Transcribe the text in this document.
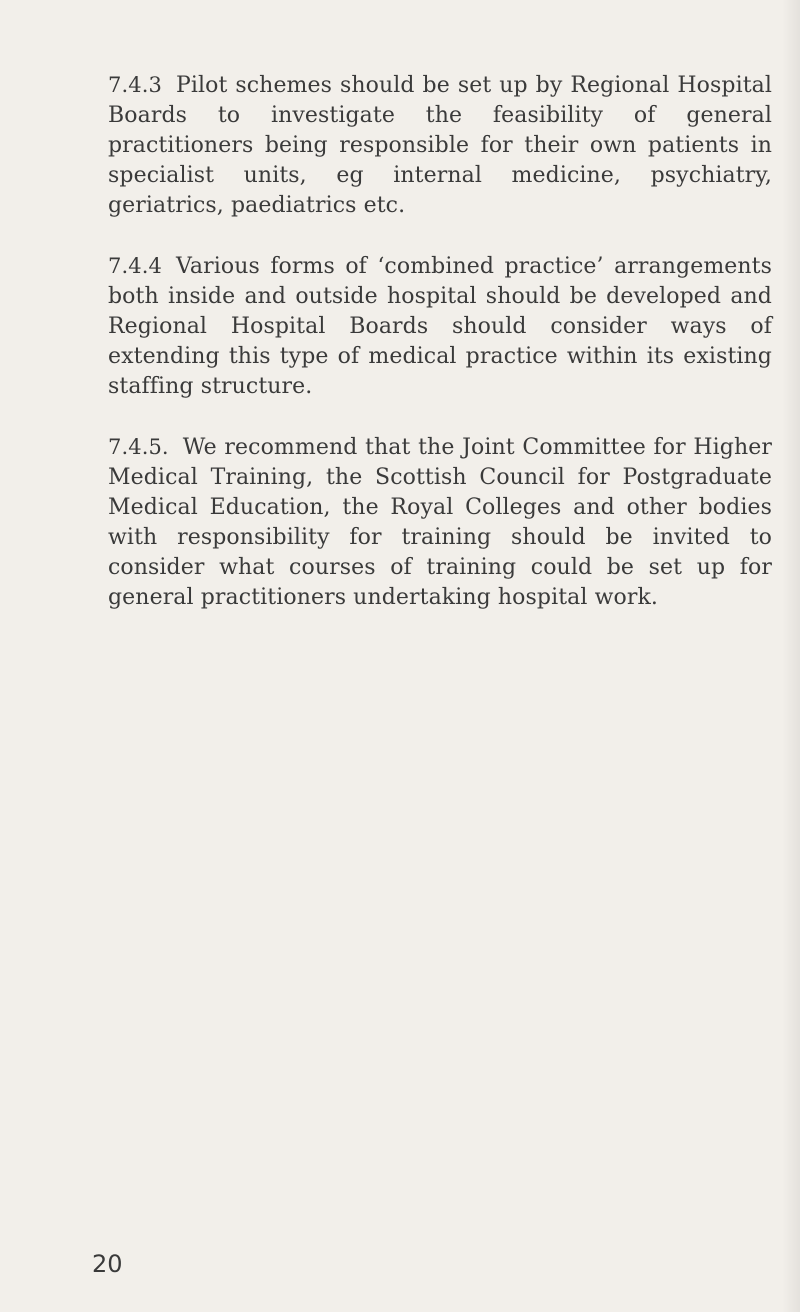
7.4.3 Pilot schemes should be set up by Regional Hospital Boards to investigate the feasibility of general practitioners being responsible for their own patients in specialist units, eg internal medicine, psychiatry, geriatrics, paediatrics etc.

7.4.4 Various forms of ‘combined practice’ arrangements both inside and outside hospital should be developed and Regional Hospital Boards should consider ways of extending this type of medical practice within its existing staffing structure.

7.4.5. We recommend that the Joint Committee for Higher Medical Training, the Scottish Council for Postgraduate Medical Education, the Royal Colleges and other bodies with responsibility for training should be invited to consider what courses of training could be set up for general practitioners undertaking hospital work.

20
